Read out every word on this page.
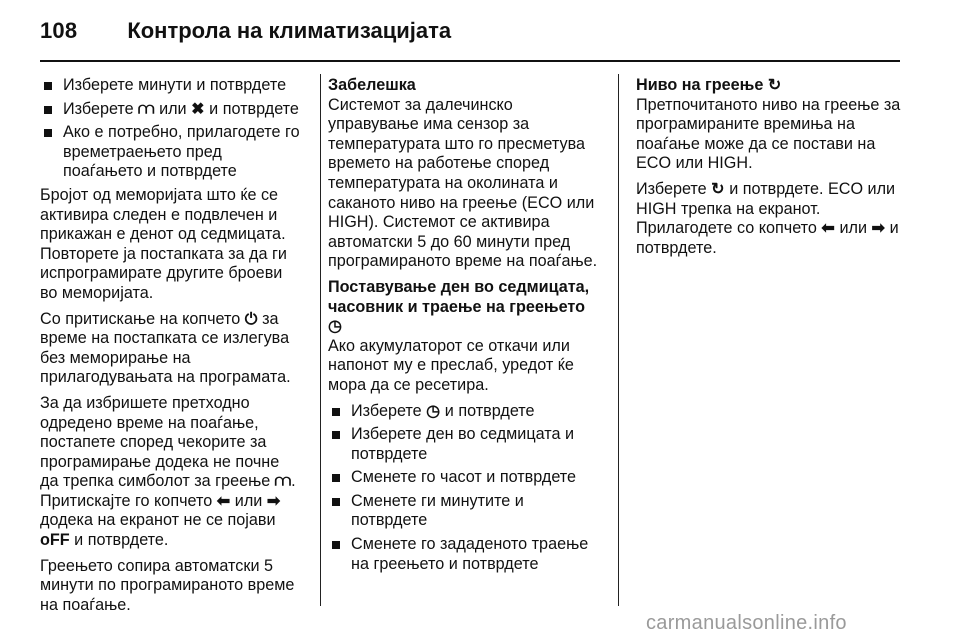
108 Контрола на климатизацијата
Изберете минути и потврдете
Изберете ⩋ или ✖ и потврдете
Ако е потребно, прилагодете го времетраењето пред поаѓањето и потврдете

Бројот од меморијата што ќе се активира следен е подвлечен и прикажан е денот од седмицата. Повторете ја постапката за да ги испрограмирате другите броеви во меморијата.

Со притискање на копчето ⏻ за време на постапката се излегува без меморирање на прилагодувањата на програмата.

За да избришете претходно одредено време на поаѓање, постапете според чекорите за програмирање додека не почне да трепка симболот за греење ⩋. Притискајте го копчето ⬅ или ➡ додека на екранот не се појави oFF и потврдете.

Греењето сопира автоматски 5 минути по програмираното време на поаѓање.

Забелешка
Системот за далечинско управување има сензор за температурата што го пресметува времето на работење според температурата на околината и саканото ниво на греење (ECO или HIGH). Системот се активира автоматски 5 до 60 минути пред програмираното време на поаѓање.
Поставување ден во седмицата, часовник и траење на греењето ◷

Ако акумулаторот се откачи или напонот му е преслаб, уредот ќе мора да се ресетира.

Изберете ◷ и потврдете
Изберете ден во седмицата и потврдете
Сменете го часот и потврдете
Сменете ги минутите и потврдете
Сменете го зададеното траење на греењето и потврдете
Ниво на греење ↻

Претпочитаното ниво на греење за програмираните времиња на поаѓање може да се постави на ECO или HIGH.

Изберете ↻ и потврдете. ECO или HIGH трепка на екранот.

Прилагодете со копчето ⬅ или ➡ и потврдете.

carmanualsonline.info
